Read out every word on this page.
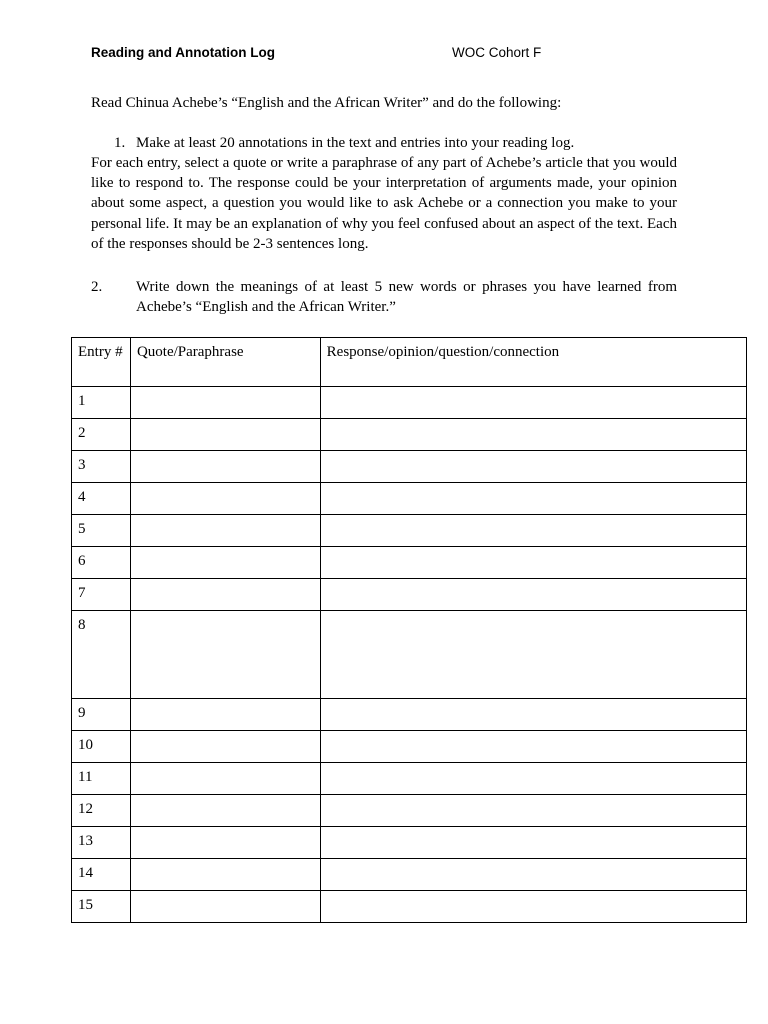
Reading and Annotation Log	WOC Cohort F
Read Chinua Achebe’s “English and the African Writer” and do the following:
1. Make at least 20 annotations in the text and entries into your reading log.
For each entry, select a quote or write a paraphrase of any part of Achebe’s article that you would like to respond to. The response could be your interpretation of arguments made, your opinion about some aspect, a question you would like to ask Achebe or a connection you make to your personal life. It may be an explanation of why you feel confused about an aspect of the text. Each of the responses should be 2-3 sentences long.
2.	Write down the meanings of at least 5 new words or phrases you have learned from Achebe’s “English and the African Writer.”
Entry #	Quote/Paraphrase	Response/opinion/question/connection
1		
2		
3		
4		
5		
6		
7		
8		
9		
10		
11		
12		
13		
14		
15		
